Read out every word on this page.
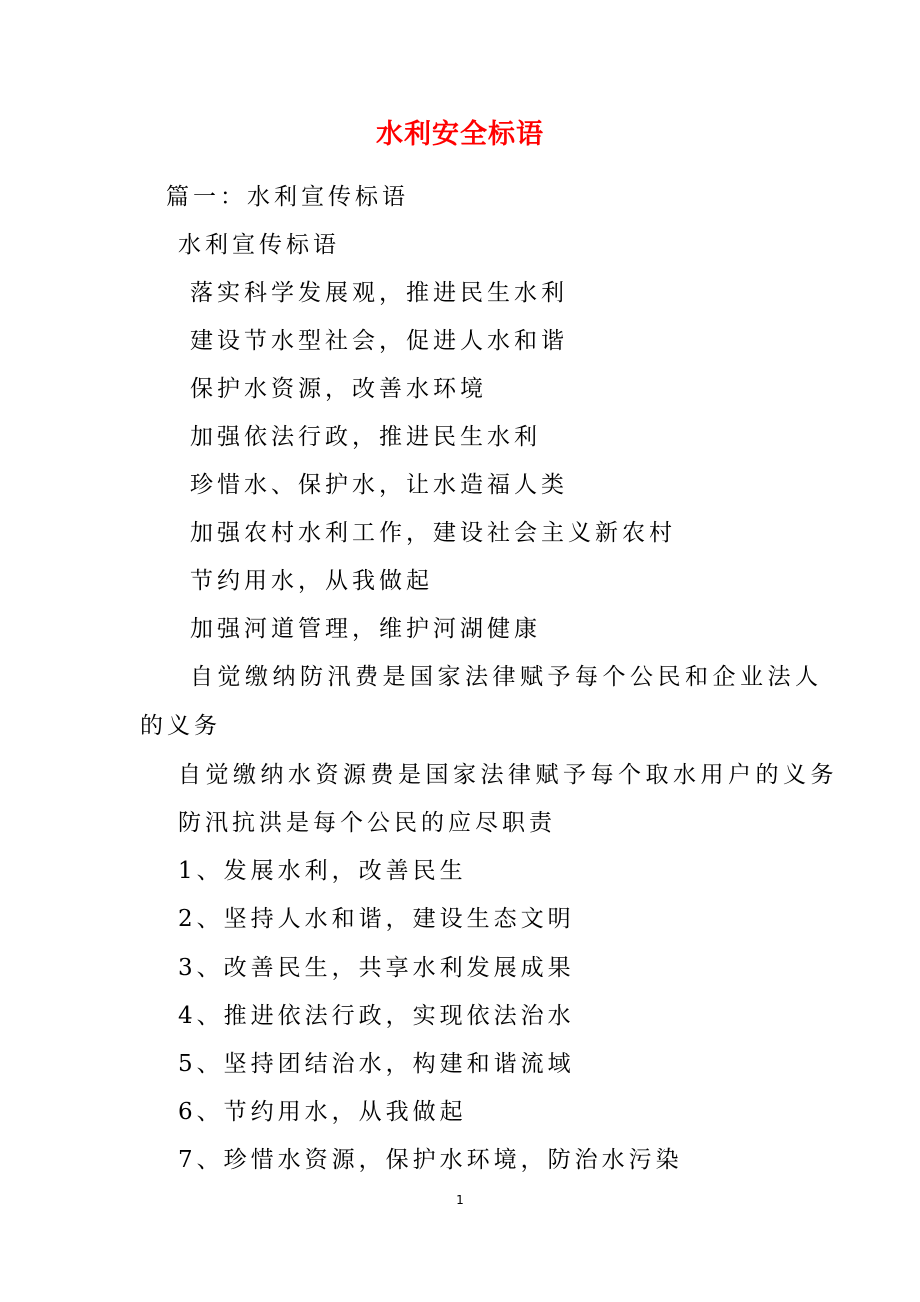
水利安全标语
篇一：水利宣传标语
水利宣传标语
落实科学发展观，推进民生水利
建设节水型社会，促进人水和谐
保护水资源，改善水环境
加强依法行政，推进民生水利
珍惜水、保护水，让水造福人类
加强农村水利工作，建设社会主义新农村
节约用水，从我做起
加强河道管理，维护河湖健康
自觉缴纳防汛费是国家法律赋予每个公民和企业法人
的义务
自觉缴纳水资源费是国家法律赋予每个取水用户的义务
防汛抗洪是每个公民的应尽职责
1、发展水利，改善民生
2、坚持人水和谐，建设生态文明
3、改善民生，共享水利发展成果
4、推进依法行政，实现依法治水
5、坚持团结治水，构建和谐流域
6、节约用水，从我做起
7、珍惜水资源，保护水环境，防治水污染
1
